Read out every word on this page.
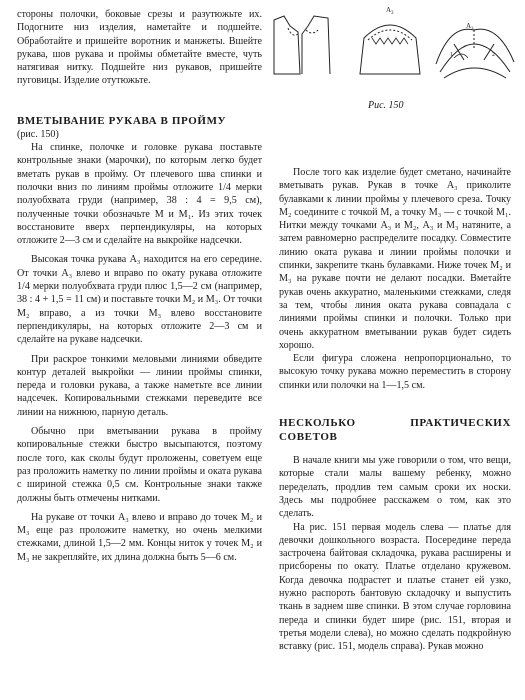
А 3
А 3
1	2
Рис. 150

стороны полочки, боковые срезы и разутюжьте их. Подогните низ изделия, наметайте и подшейте. Обработайте и пришейте воротник и манжеты. Вшейте рукава, шов рукава и проймы обметайте вместе, чуть натягивая нитку. Подшейте низ рукавов, пришейте пуговицы. Изделие отутюжьте.

ВМЕТЫВАНИЕ РУКАВА В ПРОЙМУ

(рис. 150)

На спинке, полочке и головке рукава поставьте контрольные знаки (марочки), по которым легко будет вметать рукав в пройму. От плечевого шва спинки и полочки вниз по линиям проймы отложите 1/4 мерки полуобхвата груди (например, 38 : 4 = 9,5 см), полученные точки обозначьте М и М₁. Из этих точек восстановите вверх перпендикуляры, на которых отложите 2—3 см и сделайте на выкройке надсечки.

Высокая точка рукава А₃ находится на его середине. От точки А₃ влево и вправо по окату рукава отложите 1/4 мерки полуобхвата груди плюс 1,5—2 см (например, 38 : 4 + 1,5 = 11 см) и поставьте точки М₂ и М₃. От точки М₂ вправо, а из точки М₃ влево восстановите перпендикуляры, на которых отложите 2—3 см и сделайте на рукаве надсечки.

При раскрое тонкими меловыми линиями обведите контур деталей выкройки — линии проймы спинки, переда и головки рукава, а также наметьте все линии надсечек. Копировальными стежками переведите все линии на нижнюю, парную деталь.

Обычно при вметывании рукава в пройму копировальные стежки быстро высыпаются, поэтому после того, как сколы будут проложены, советуем еще раз проложить наметку по линии проймы и оката рукава с шириной стежка 0,5 см. Контрольные знаки также должны быть отмечены нитками.

На рукаве от точки А₃ влево и вправо до точек М₂ и М₃ еще раз проложите наметку, но очень мелкими стежками, длиной 1,5—2 мм. Концы ниток у точек М₂ и М₃ не закрепляйте, их длина должна быть 5—6 см.

После того как изделие будет сметано, начинайте вметывать рукав. Рукав в точке А₃ приколите булавками к линии проймы у плечевого среза. Точку М₂ соедините с точкой М, а точку М₃ — с точкой М₁. Нитки между точками А₃ и М₂, А₃ и М₃ натяните, а затем равномерно распределите посадку. Совместите линию оката рукава и линии проймы полочки и спинки, закрепите ткань булавками. Ниже точек М₂ и М₃ на рукаве почти не делают посадки. Вметайте рукав очень аккуратно, маленькими стежками, следя за тем, чтобы линия оката рукава совпадала с линиями проймы спинки и полочки. Только при очень аккуратном вметывании рукав будет сидеть хорошо.

Если фигура сложена непропорционально, то высокую точку рукава можно переместить в сторону спинки или полочки на 1—1,5 см.

НЕСКОЛЬКО ПРАКТИЧЕСКИХ СОВЕТОВ

В начале книги мы уже говорили о том, что вещи, которые стали малы вашему ребенку, можно переделать, продлив тем самым сроки их носки. Здесь мы подробнее расскажем о том, как это сделать.

На рис. 151 первая модель слева — платье для девочки дошкольного возраста. Посередине переда застрочена байтовая складочка, рукава расширены и присборены по окату. Платье отделано кружевом. Когда девочка подрастет и платье станет ей узко, нужно распороть бантовую складочку и выпустить ткань в заднем шве спинки. В этом случае горловина переда и спинки будет шире (рис. 151, вторая и третья модели слева), но можно сделать подкройную вставку (рис. 151, модель справа). Рукав можно
